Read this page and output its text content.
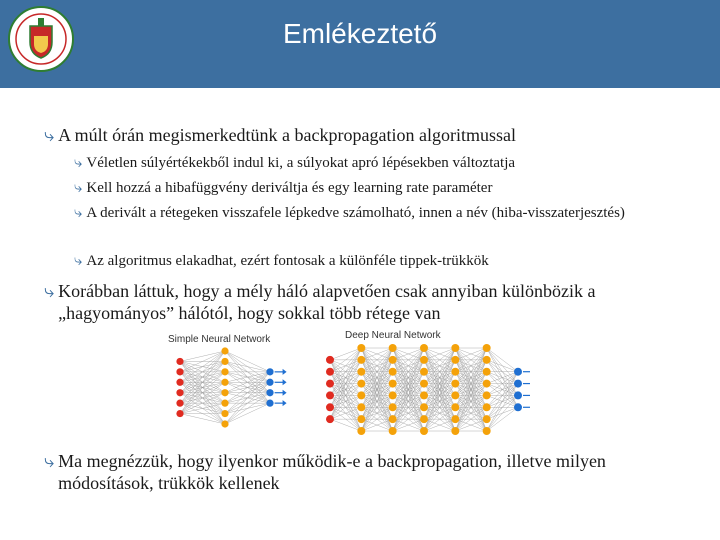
Emlékeztető
⤷ A múlt órán megismerkedtünk a backpropagation algoritmussal
⤷ Véletlen súlyértékekből indul ki, a súlyokat apró lépésekben változtatja
⤷ Kell hozzá a hibafüggvény deriváltja és egy learning rate paraméter
⤷ A derivált a rétegeken visszafele lépkedve számolható, innen a név (hiba-visszaterjesztés)
⤷ Az algoritmus elakadhat, ezért fontosak a különféle tippek-trükkök
⤷ Korábban láttuk, hogy a mély háló alapvetően csak annyiban különbözik a „hagyományos” hálótól, hogy sokkal több rétege van
Simple Neural Network	Deep Neural Network
⤷ Ma megnézzük, hogy ilyenkor működik-e a backpropagation, illetve milyen módosítások, trükkök kellenek
